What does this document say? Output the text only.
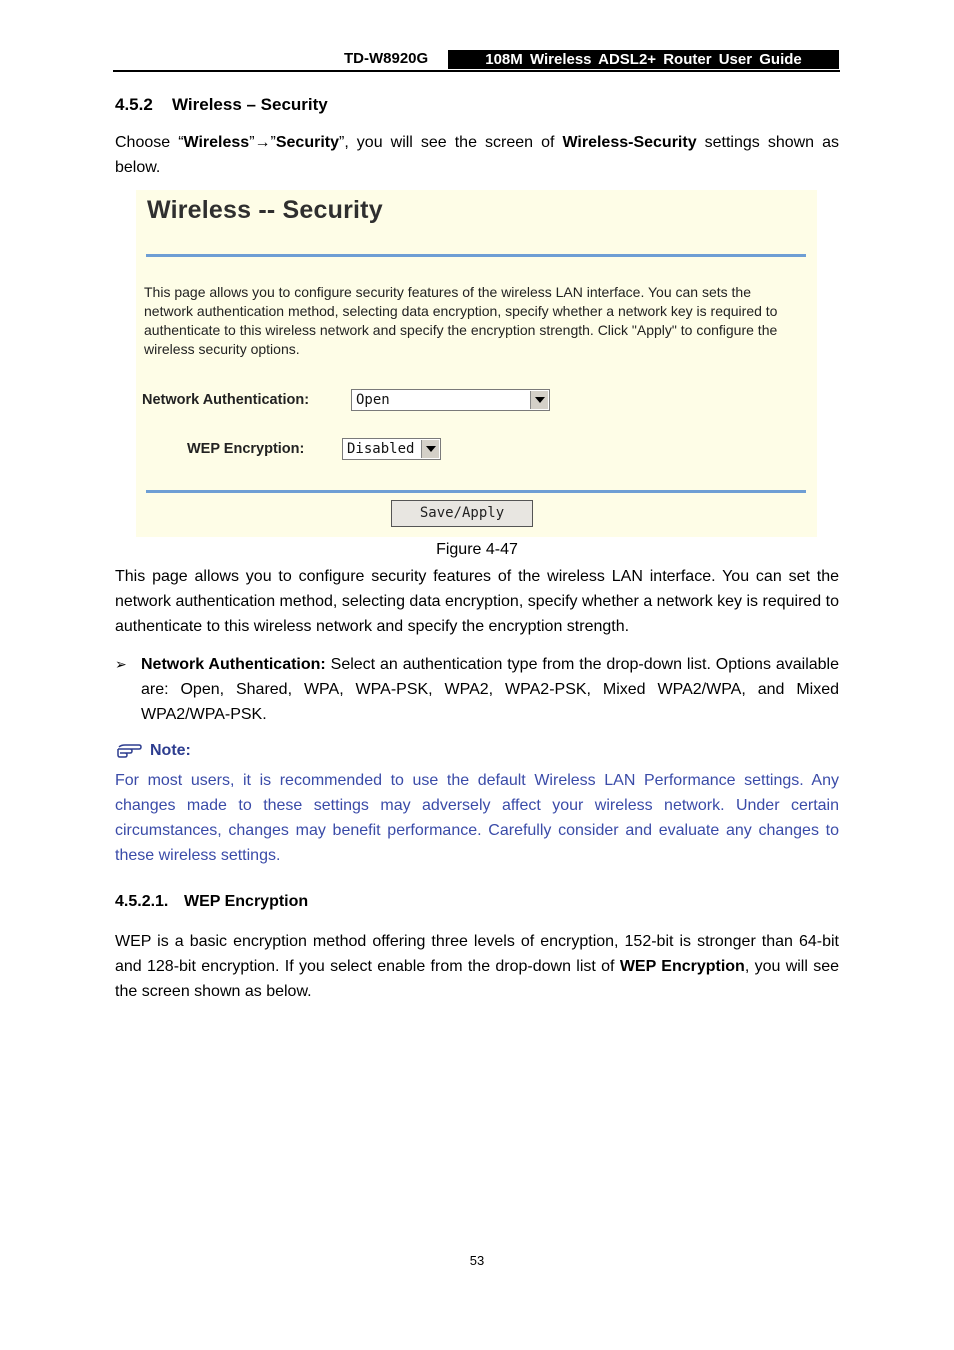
TD-W8920G	108M Wireless ADSL2+ Router User Guide
4.5.2 Wireless – Security
Choose “Wireless”→”Security”, you will see the screen of Wireless-Security settings shown as below.
Wireless -- Security
This page allows you to configure security features of the wireless LAN interface. You can sets the network authentication method, selecting data encryption, specify whether a network key is required to authenticate to this wireless network and specify the encryption strength. Click "Apply" to configure the wireless security options.
Network Authentication:	Open
WEP Encryption:	Disabled
Save/Apply
Figure 4-47
This page allows you to configure security features of the wireless LAN interface. You can set the network authentication method, selecting data encryption, specify whether a network key is required to authenticate to this wireless network and specify the encryption strength.
➢ Network Authentication: Select an authentication type from the drop-down list. Options available are: Open, Shared, WPA, WPA-PSK, WPA2, WPA2-PSK, Mixed WPA2/WPA, and Mixed WPA2/WPA-PSK.
Note:
For most users, it is recommended to use the default Wireless LAN Performance settings. Any changes made to these settings may adversely affect your wireless network. Under certain circumstances, changes may benefit performance. Carefully consider and evaluate any changes to these wireless settings.
4.5.2.1. WEP Encryption
WEP is a basic encryption method offering three levels of encryption, 152-bit is stronger than 64-bit and 128-bit encryption. If you select enable from the drop-down list of WEP Encryption, you will see the screen shown as below.
53
